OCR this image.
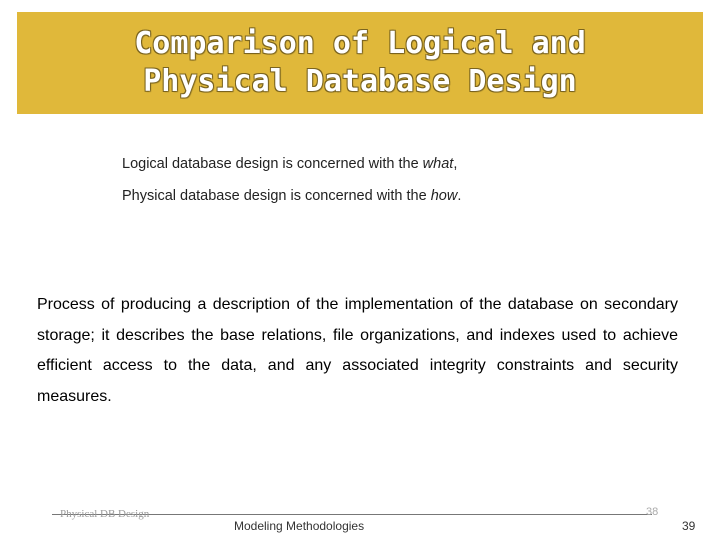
Comparison of Logical and
Physical Database Design
Logical database design is concerned with the what,
Physical database design is concerned with the how.
Process of producing a description of the implementation of the database on secondary storage; it describes the base relations, file organizations, and indexes used to achieve efficient access to the data, and any associated integrity constraints and security measures.
Physical DB Design
Modeling Methodologies
38
39
